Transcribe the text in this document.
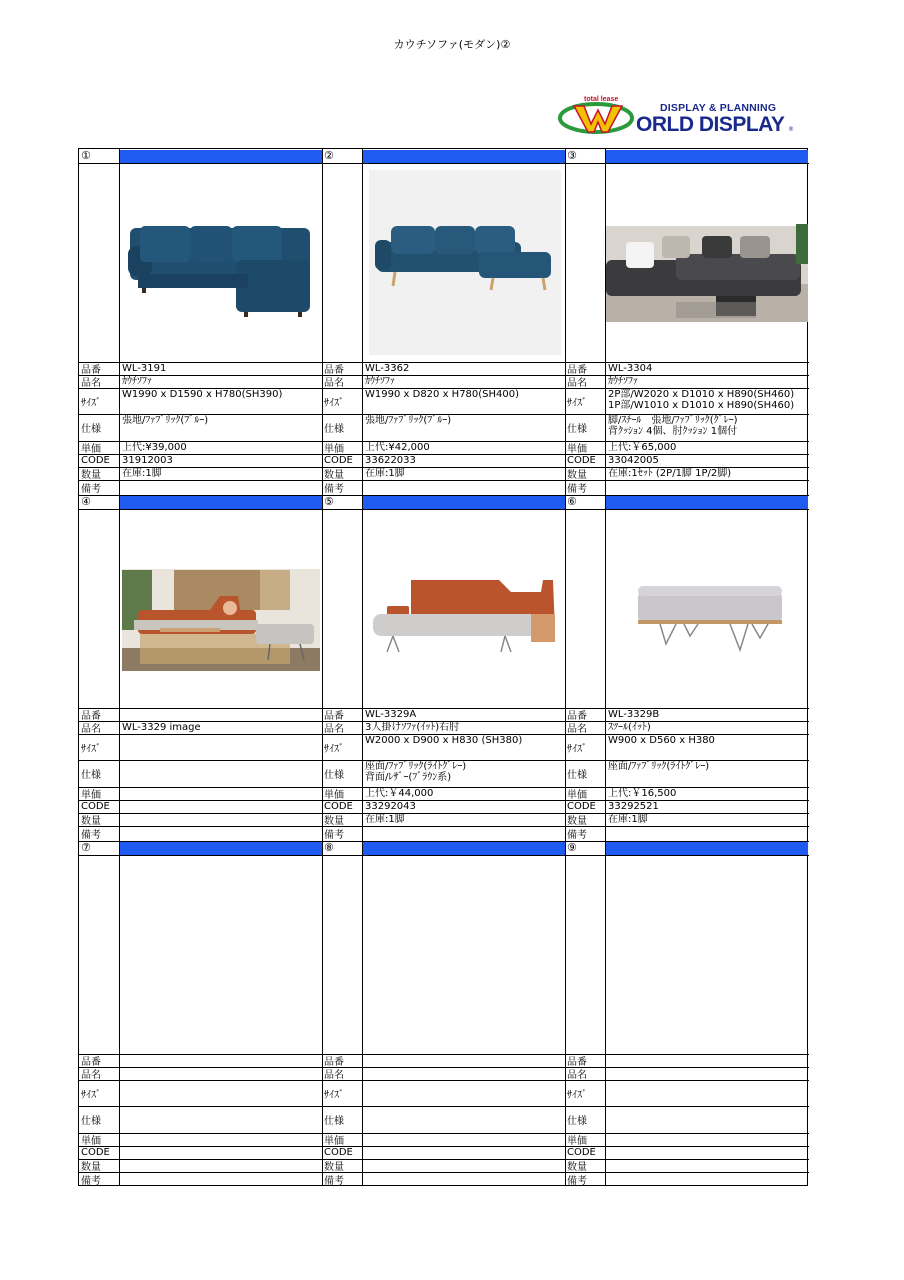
カウチソファ(モダン)②
total lease
DISPLAY & PLANNING
ORLD DISPLAY ®
①
品番	WL-3191
品名	ｶｳﾁｿﾌｧ
ｻｲｽﾞ
W1990 x D1590 x H780(SH390)
仕様
張地/ﾌｧﾌﾞﾘｯｸ(ﾌﾞﾙｰ)
単価	上代:¥39,000
CODE	31912003
数量	在庫:1脚
備考
②
品番	WL-3362
品名	ｶｳﾁｿﾌｧ
ｻｲｽﾞ
W1990 x D820 x H780(SH400)
仕様
張地/ﾌｧﾌﾞﾘｯｸ(ﾌﾞﾙｰ)
単価	上代:¥42,000
CODE	33622033
数量	在庫:1脚
備考
③
品番	WL-3304
品名	ｶｳﾁｿﾌｧ
ｻｲｽﾞ
2P部/W2020 x D1010 x H890(SH460)
1P部/W1010 x D1010 x H890(SH460)
仕様
脚/ｽﾁｰﾙ　張地/ﾌｧﾌﾞﾘｯｸ(ｸﾞﾚｰ)
背ｸｯｼｮﾝ 4個、肘ｸｯｼｮﾝ 1個付
単価	上代:￥65,000
CODE	33042005
数量	在庫:1ｾｯﾄ (2P/1脚 1P/2脚)
備考
④
品番
品名	WL-3329 image
ｻｲｽﾞ
仕様
単価
CODE
数量
備考
⑤
品番	WL-3329A
品名	3人掛けｿﾌｧ(ｲｯﾄ)右肘
ｻｲｽﾞ
W2000 x D900 x H830 (SH380)
仕様
座面/ﾌｧﾌﾞﾘｯｸ(ﾗｲﾄｸﾞﾚｰ)
背面/ﾚｻﾞｰ(ﾌﾞﾗｳﾝ系)
単価	上代:￥44,000
CODE	33292043
数量	在庫:1脚
備考
⑥
品番	WL-3329B
品名	ｽﾂｰﾙ(ｲｯﾄ)
ｻｲｽﾞ
W900 x D560 x H380
仕様
座面/ﾌｧﾌﾞﾘｯｸ(ﾗｲﾄｸﾞﾚｰ)
単価	上代:￥16,500
CODE	33292521
数量	在庫:1脚
備考
⑦
品番
品名
ｻｲｽﾞ
仕様
単価
CODE
数量
備考
⑧
品番
品名
ｻｲｽﾞ
仕様
単価
CODE
数量
備考
⑨
品番
品名
ｻｲｽﾞ
仕様
単価
CODE
数量
備考
